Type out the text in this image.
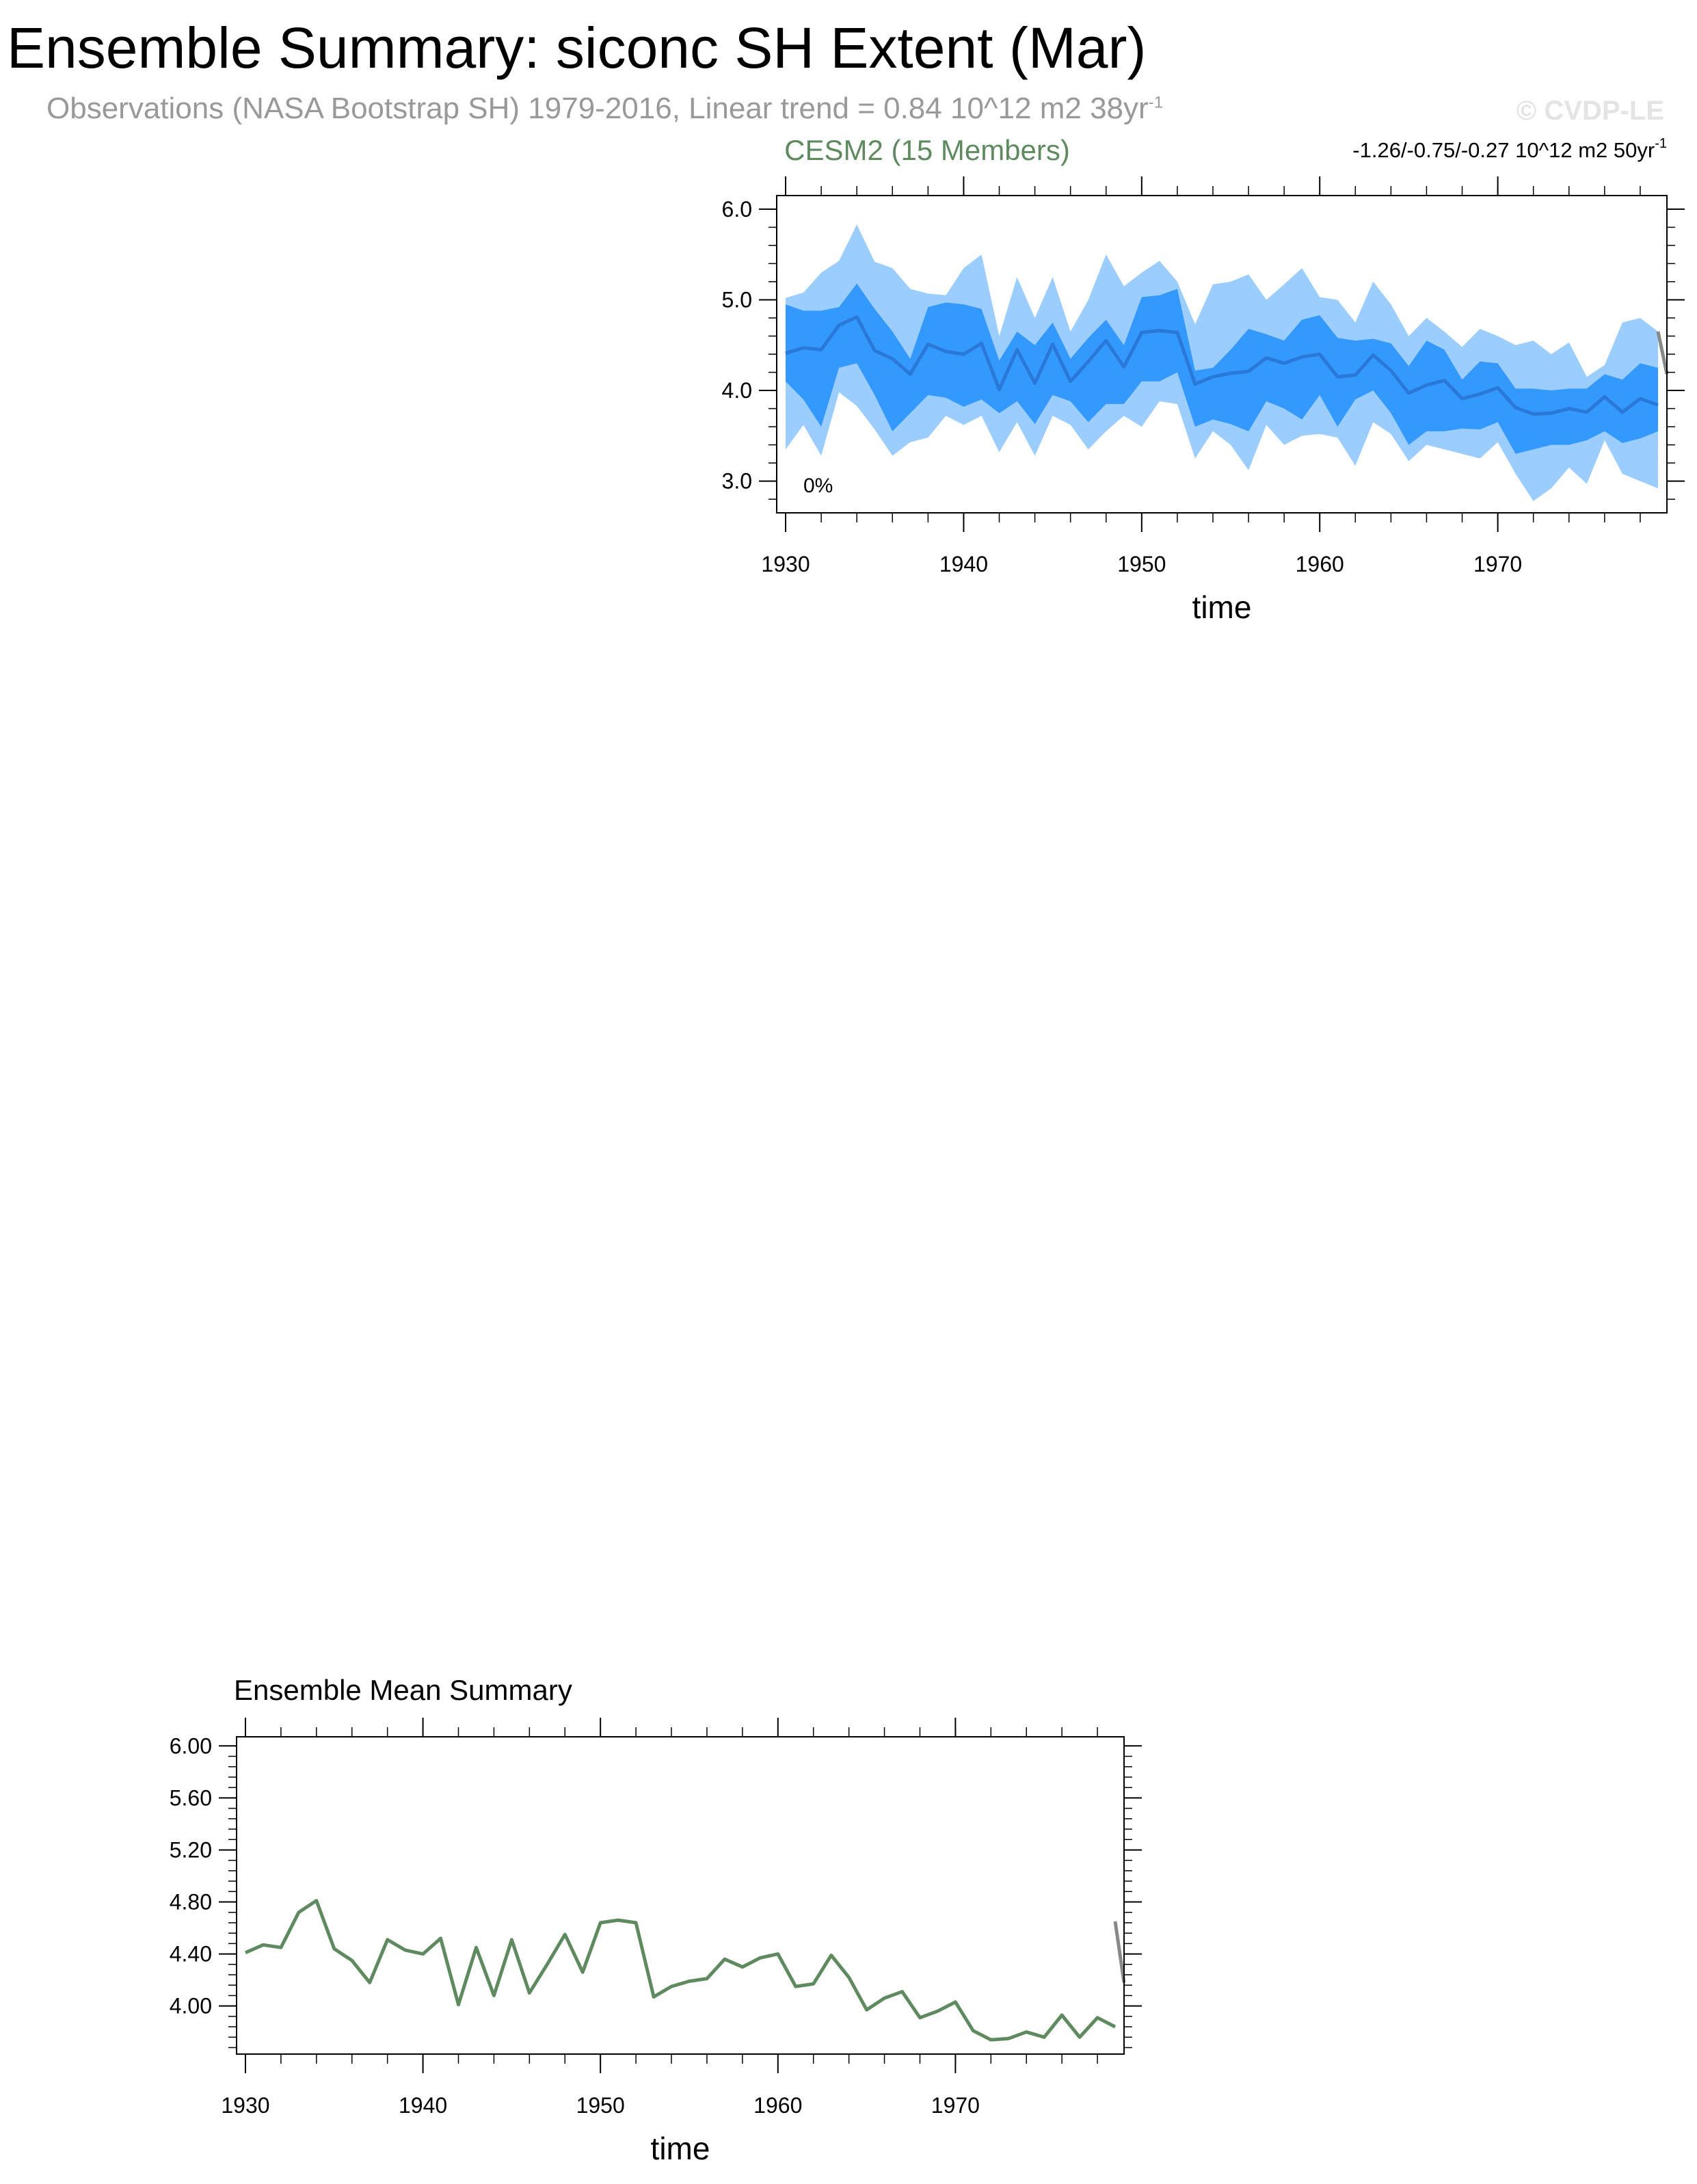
Ensemble Summary: siconc SH Extent (Mar)
Observations (NASA Bootstrap SH) 1979-2016, Linear trend = 0.84 10^12 m2 $38yr^{-1}$	© CVDP-LE
CESM2 (15 Members)	-1.26/-0.75/-0.27 10^12 m2 $50yr^{-1}$
6.0
5.0
4.0
3.0
1930	1940	1950	1960	1970
0%
time
Ensemble Mean Summary
6.00
5.60
5.20
4.80
4.40
4.00
1930	1940	1950	1960	1970
time
